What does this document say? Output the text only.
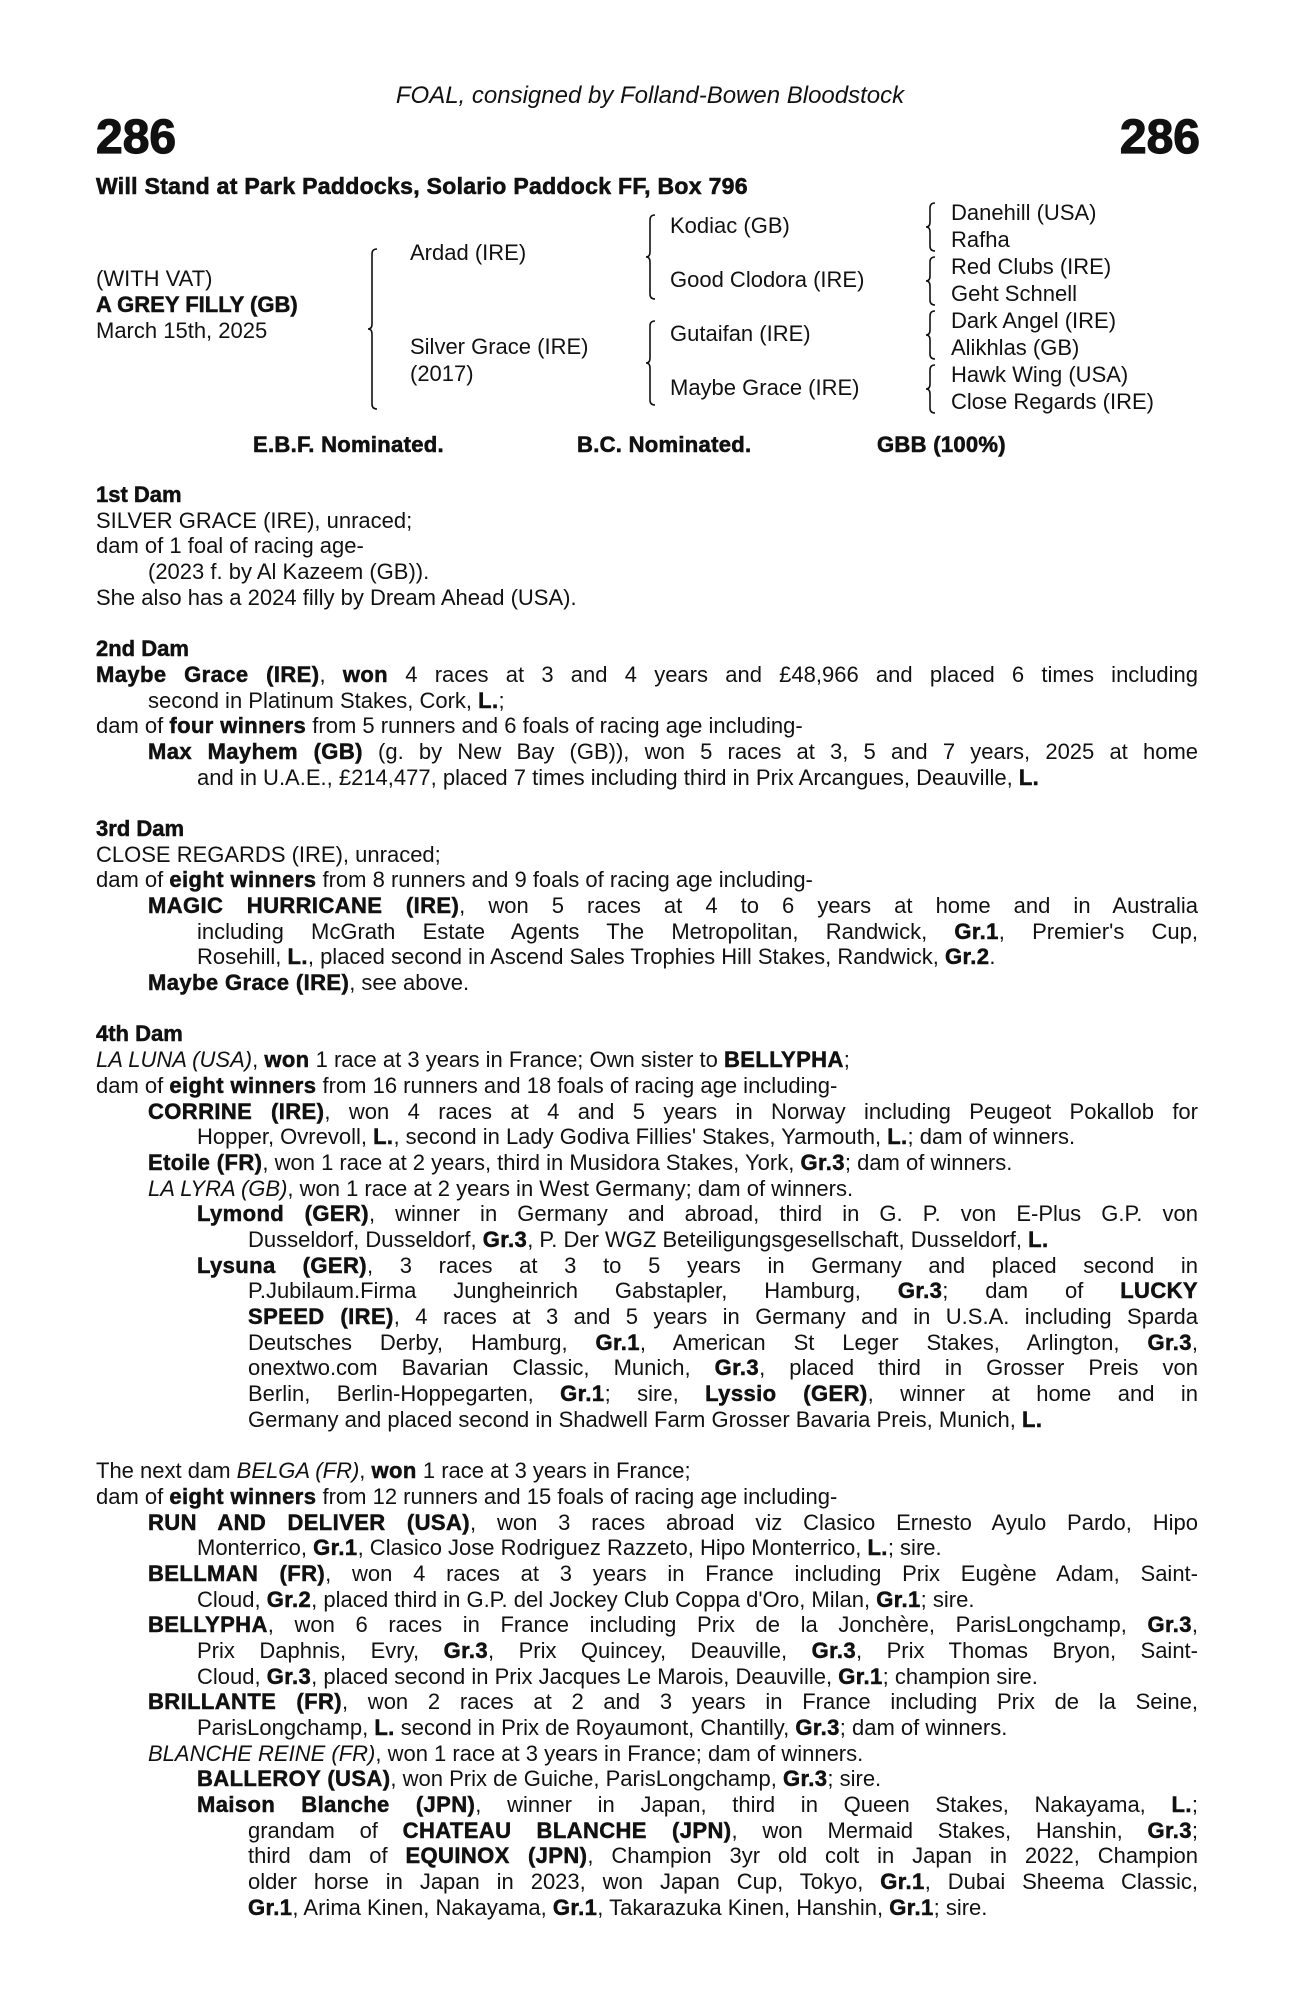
FOAL, consigned by Folland-Bowen Bloodstock
286	286
Will Stand at Park Paddocks, Solario Paddock FF, Box 796
(WITH VAT)
A GREY FILLY (GB)
March 15th, 2025
Ardad (IRE)
Silver Grace (IRE)
(2017)
Kodiac (GB)
Good Clodora (IRE)
Gutaifan (IRE)
Maybe Grace (IRE)
Danehill (USA)
Rafha
Red Clubs (IRE)
Geht Schnell
Dark Angel (IRE)
Alikhlas (GB)
Hawk Wing (USA)
Close Regards (IRE)
E.B.F. Nominated.	B.C. Nominated.	GBB (100%)
1st Dam
SILVER GRACE (IRE), unraced;
dam of 1 foal of racing age-
(2023 f. by Al Kazeem (GB)).
She also has a 2024 filly by Dream Ahead (USA).
2nd Dam
Maybe Grace (IRE), won 4 races at 3 and 4 years and £48,966 and placed 6 times including
second in Platinum Stakes, Cork, L.;
dam of four winners from 5 runners and 6 foals of racing age including-
Max Mayhem (GB) (g. by New Bay (GB)), won 5 races at 3, 5 and 7 years, 2025 at home
and in U.A.E., £214,477, placed 7 times including third in Prix Arcangues, Deauville, L.
3rd Dam
CLOSE REGARDS (IRE), unraced;
dam of eight winners from 8 runners and 9 foals of racing age including-
MAGIC HURRICANE (IRE), won 5 races at 4 to 6 years at home and in Australia
including McGrath Estate Agents The Metropolitan, Randwick, Gr.1, Premier's Cup,
Rosehill, L., placed second in Ascend Sales Trophies Hill Stakes, Randwick, Gr.2.
Maybe Grace (IRE), see above.
4th Dam
LA LUNA (USA), won 1 race at 3 years in France; Own sister to BELLYPHA;
dam of eight winners from 16 runners and 18 foals of racing age including-
CORRINE (IRE), won 4 races at 4 and 5 years in Norway including Peugeot Pokallob for
Hopper, Ovrevoll, L., second in Lady Godiva Fillies' Stakes, Yarmouth, L.; dam of winners.
Etoile (FR), won 1 race at 2 years, third in Musidora Stakes, York, Gr.3; dam of winners.
LA LYRA (GB), won 1 race at 2 years in West Germany; dam of winners.
Lymond (GER), winner in Germany and abroad, third in G. P. von E-Plus G.P. von
Dusseldorf, Dusseldorf, Gr.3, P. Der WGZ Beteiligungsgesellschaft, Dusseldorf, L.
Lysuna (GER), 3 races at 3 to 5 years in Germany and placed second in
P.Jubilaum.Firma Jungheinrich Gabstapler, Hamburg, Gr.3; dam of LUCKY
SPEED (IRE), 4 races at 3 and 5 years in Germany and in U.S.A. including Sparda
Deutsches Derby, Hamburg, Gr.1, American St Leger Stakes, Arlington, Gr.3,
onextwo.com Bavarian Classic, Munich, Gr.3, placed third in Grosser Preis von
Berlin, Berlin-Hoppegarten, Gr.1; sire, Lyssio (GER), winner at home and in
Germany and placed second in Shadwell Farm Grosser Bavaria Preis, Munich, L.
The next dam BELGA (FR), won 1 race at 3 years in France;
dam of eight winners from 12 runners and 15 foals of racing age including-
RUN AND DELIVER (USA), won 3 races abroad viz Clasico Ernesto Ayulo Pardo, Hipo
Monterrico, Gr.1, Clasico Jose Rodriguez Razzeto, Hipo Monterrico, L.; sire.
BELLMAN (FR), won 4 races at 3 years in France including Prix Eugène Adam, Saint-
Cloud, Gr.2, placed third in G.P. del Jockey Club Coppa d'Oro, Milan, Gr.1; sire.
BELLYPHA, won 6 races in France including Prix de la Jonchère, ParisLongchamp, Gr.3,
Prix Daphnis, Evry, Gr.3, Prix Quincey, Deauville, Gr.3, Prix Thomas Bryon, Saint-
Cloud, Gr.3, placed second in Prix Jacques Le Marois, Deauville, Gr.1; champion sire.
BRILLANTE (FR), won 2 races at 2 and 3 years in France including Prix de la Seine,
ParisLongchamp, L. second in Prix de Royaumont, Chantilly, Gr.3; dam of winners.
BLANCHE REINE (FR), won 1 race at 3 years in France; dam of winners.
BALLEROY (USA), won Prix de Guiche, ParisLongchamp, Gr.3; sire.
Maison Blanche (JPN), winner in Japan, third in Queen Stakes, Nakayama, L.;
grandam of CHATEAU BLANCHE (JPN), won Mermaid Stakes, Hanshin, Gr.3;
third dam of EQUINOX (JPN), Champion 3yr old colt in Japan in 2022, Champion
older horse in Japan in 2023, won Japan Cup, Tokyo, Gr.1, Dubai Sheema Classic,
Gr.1, Arima Kinen, Nakayama, Gr.1, Takarazuka Kinen, Hanshin, Gr.1; sire.
